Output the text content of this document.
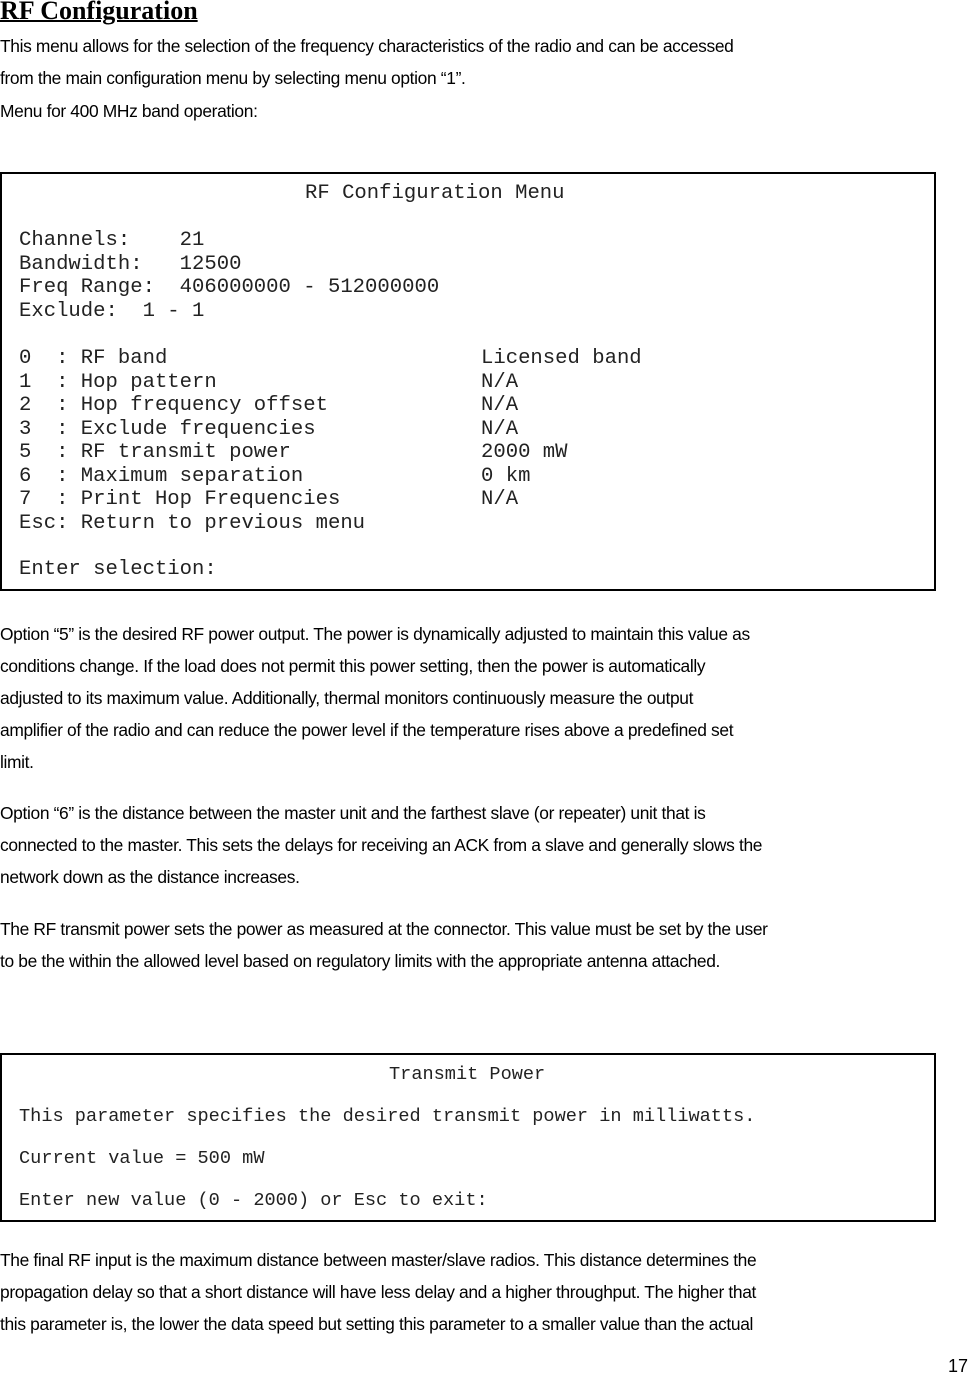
RF Configuration
This menu allows for the selection of the frequency characteristics of the radio and can be accessed
from the main configuration menu by selecting menu option “1”.
Menu for 400 MHz band operation:
RF Configuration Menu
Channels:    21
Bandwidth:   12500
Freq Range:  406000000 - 512000000
Exclude:  1 - 1
0  : RF band	Licensed band
1  : Hop pattern	N/A
2  : Hop frequency offset	N/A
3  : Exclude frequencies	N/A
5  : RF transmit power	2000 mW
6  : Maximum separation	0 km
7  : Print Hop Frequencies	N/A
Esc: Return to previous menu
Enter selection:
Option “5” is the desired RF power output. The power is dynamically adjusted to maintain this value as
conditions change. If the load does not permit this power setting, then the power is automatically
adjusted to its maximum value. Additionally, thermal monitors continuously measure the output
amplifier of the radio and can reduce the power level if the temperature rises above a predefined set
limit.
Option “6” is the distance between the master unit and the farthest slave (or repeater) unit that is
connected to the master. This sets the delays for receiving an ACK from a slave and generally slows the
network down as the distance increases.
The RF transmit power sets the power as measured at the connector. This value must be set by the user
to be the within the allowed level based on regulatory limits with the appropriate antenna attached.
Transmit Power
This parameter specifies the desired transmit power in milliwatts.
Current value = 500 mW
Enter new value (0 - 2000) or Esc to exit:
The final RF input is the maximum distance between master/slave radios. This distance determines the
propagation delay so that a short distance will have less delay and a higher throughput. The higher that
this parameter is, the lower the data speed but setting this parameter to a smaller value than the actual
17
